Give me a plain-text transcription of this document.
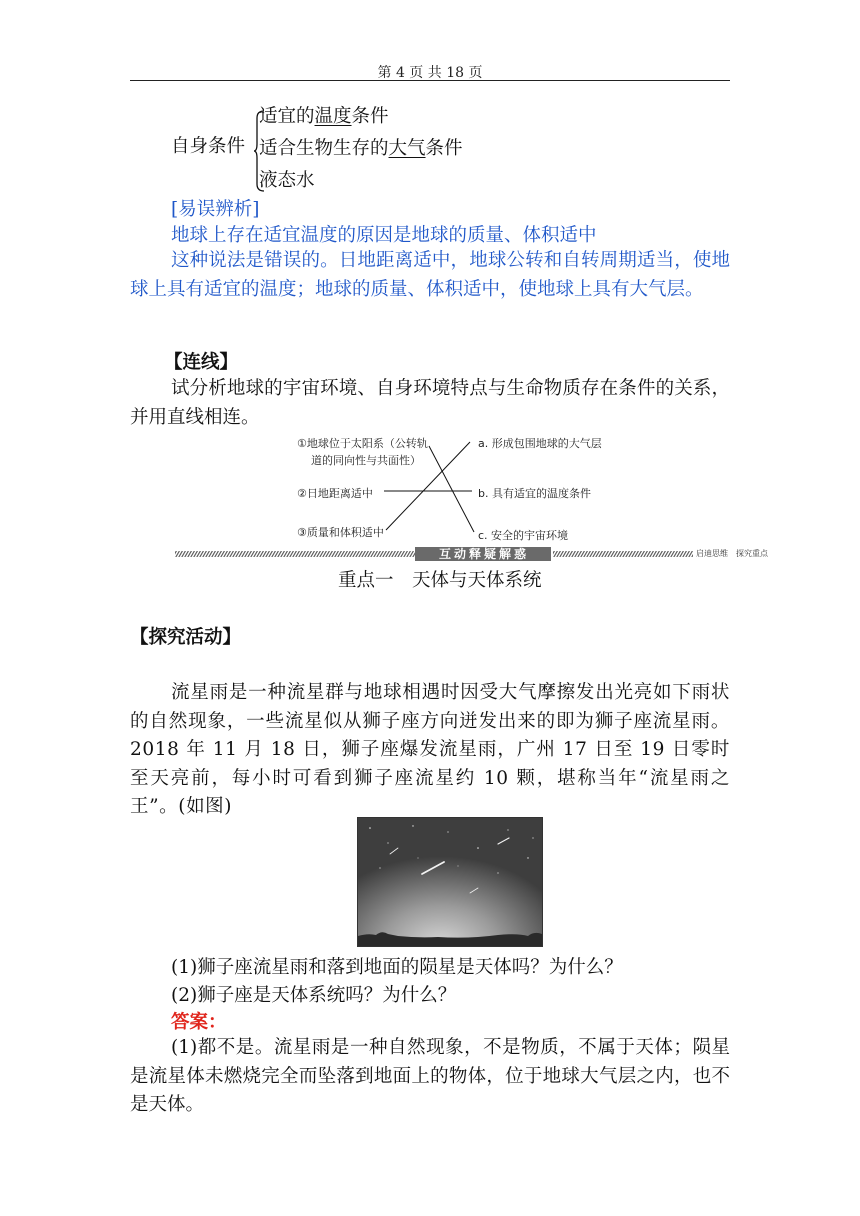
第 4 页 共 18 页
自身条件
适宜的温度条件
适合生物生存的大气条件
液态水
[易误辨析]
地球上存在适宜温度的原因是地球的质量、体积适中
这种说法是错误的。日地距离适中，地球公转和自转周期适当，使地球上具有适宜的温度；地球的质量、体积适中，使地球上具有大气层。
【连线】
试分析地球的宇宙环境、自身环境特点与生命物质存在条件的关系，并用直线相连。
①地球位于太阳系（公转轨
道的同向性与共面性）
②日地距离适中
③质量和体积适中
a. 形成包围地球的大气层
b. 具有适宜的温度条件
c. 安全的宇宙环境
互动释疑解惑	启迪思维　探究重点
重点一　天体与天体系统
【探究活动】
流星雨是一种流星群与地球相遇时因受大气摩擦发出光亮如下雨状的自然现象，一些流星似从狮子座方向迸发出来的即为狮子座流星雨。2018 年 11 月 18 日，狮子座爆发流星雨，广州 17 日至 19 日零时至天亮前，每小时可看到狮子座流星约 10 颗，堪称当年“流星雨之王”。(如图)
(1)狮子座流星雨和落到地面的陨星是天体吗？为什么？
(2)狮子座是天体系统吗？为什么？
答案：
(1)都不是。流星雨是一种自然现象，不是物质，不属于天体；陨星是流星体未燃烧完全而坠落到地面上的物体，位于地球大气层之内，也不是天体。
